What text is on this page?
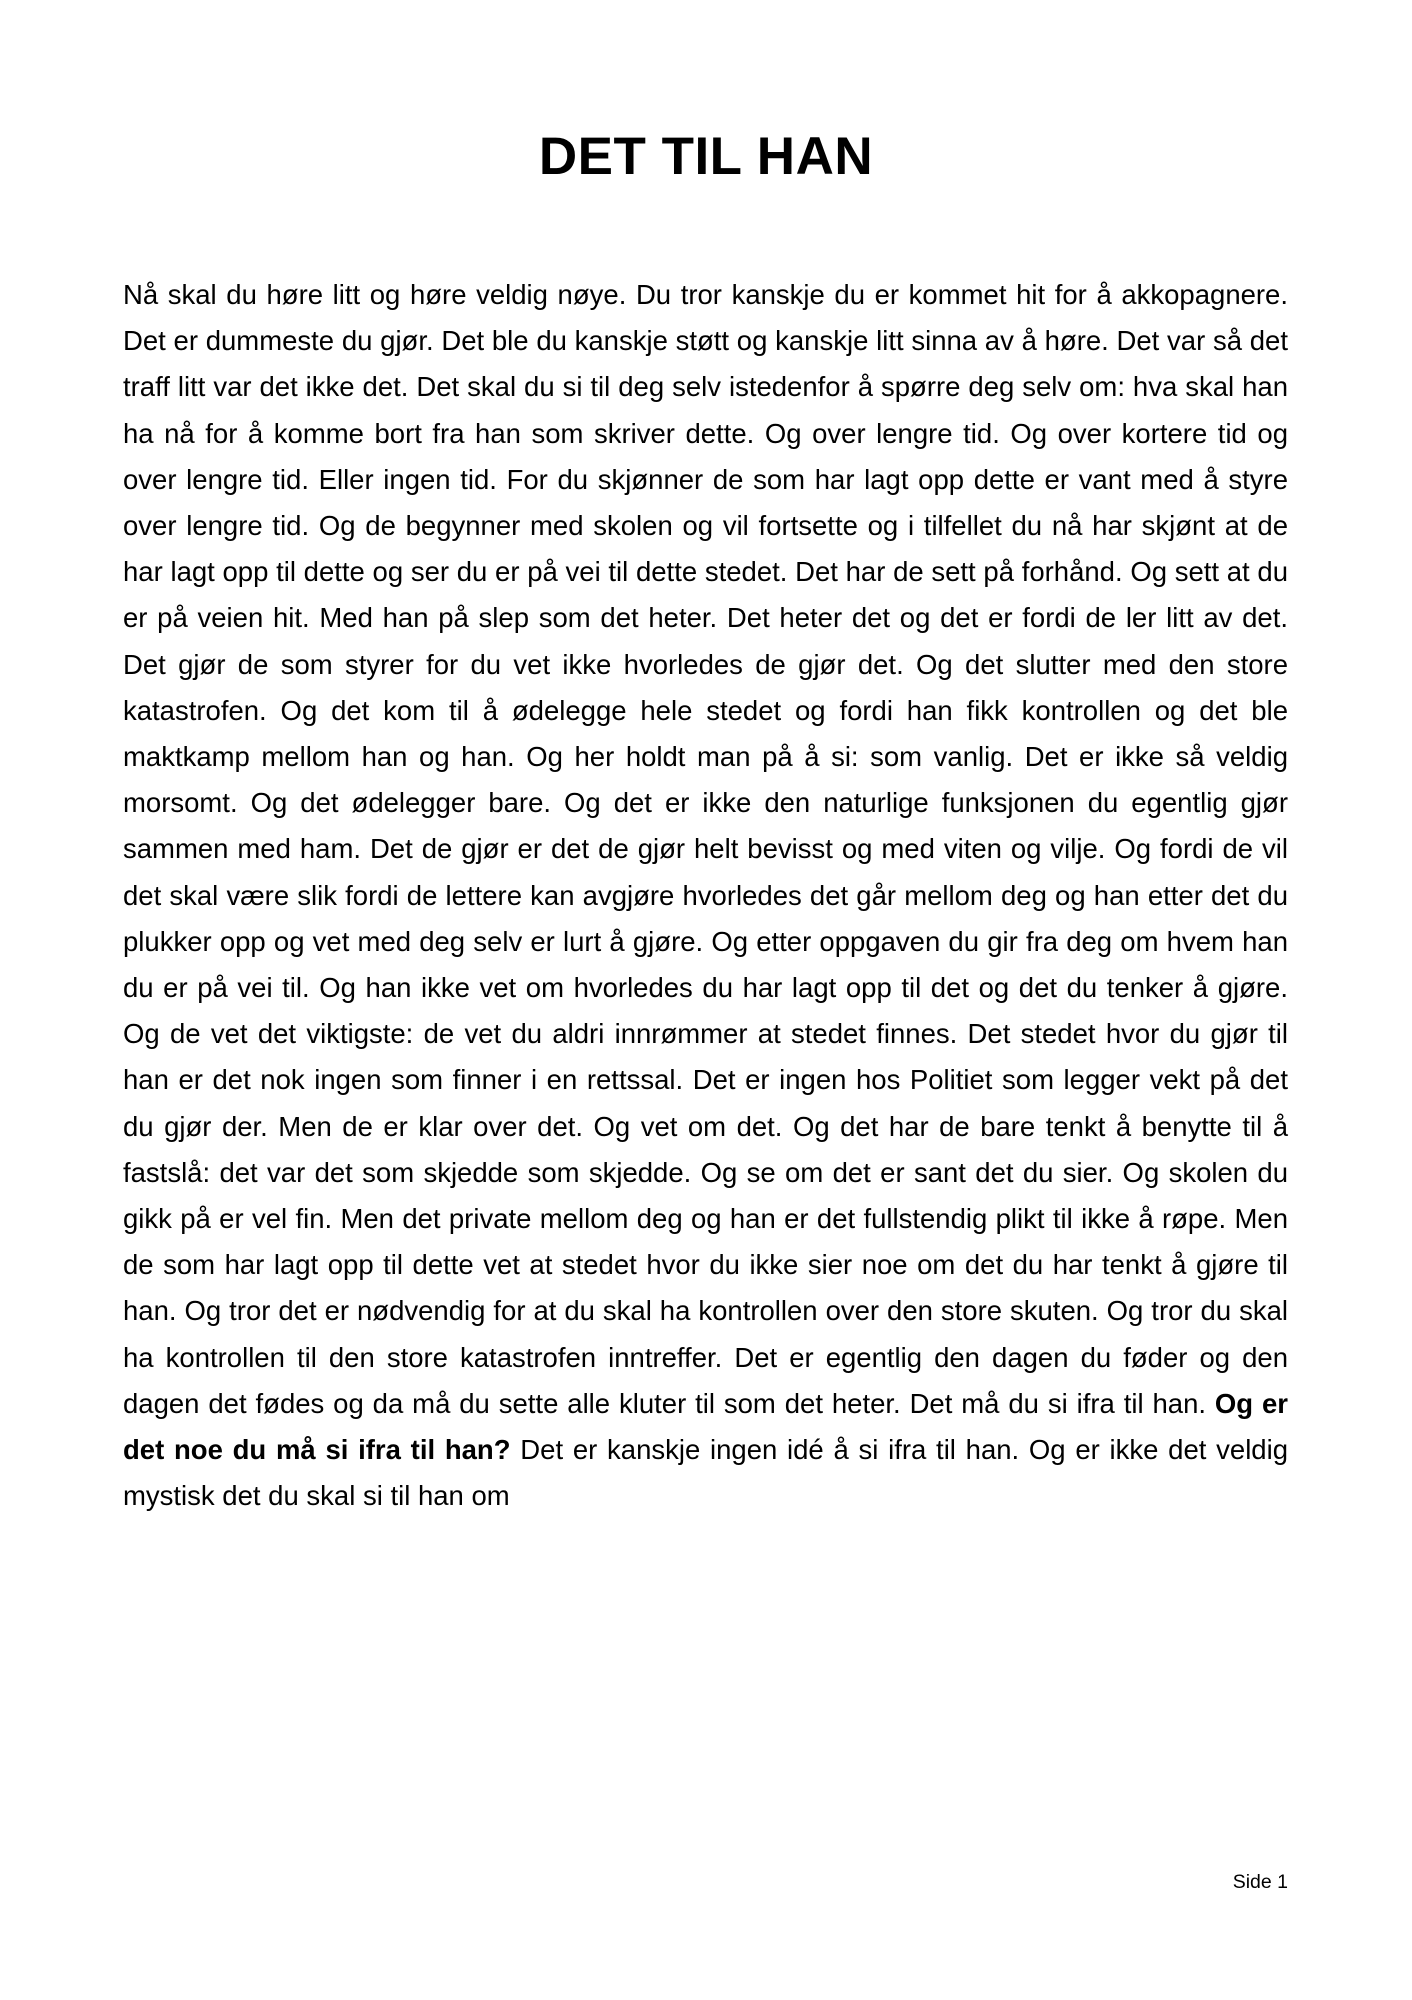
DET TIL HAN

Nå skal du høre litt og høre veldig nøye. Du tror kanskje du er kommet hit for å akkopagnere. Det er dummeste du gjør. Det ble du kanskje støtt og kanskje litt sinna av å høre. Det var så det traff litt var det ikke det. Det skal du si til deg selv istedenfor å spørre deg selv om: hva skal han ha nå for å komme bort fra han som skriver dette. Og over lengre tid. Og over kortere tid og over lengre tid. Eller ingen tid. For du skjønner de som har lagt opp dette er vant med å styre over lengre tid. Og de begynner med skolen og vil fortsette og i tilfellet du nå har skjønt at de har lagt opp til dette og ser du er på vei til dette stedet. Det har de sett på forhånd. Og sett at du er på veien hit. Med han på slep som det heter. Det heter det og det er fordi de ler litt av det. Det gjør de som styrer for du vet ikke hvorledes de gjør det. Og det slutter med den store katastrofen. Og det kom til å ødelegge hele stedet og fordi han fikk kontrollen og det ble maktkamp mellom han og han. Og her holdt man på å si: som vanlig. Det er ikke så veldig morsomt. Og det ødelegger bare. Og det er ikke den naturlige funksjonen du egentlig gjør sammen med ham. Det de gjør er det de gjør helt bevisst og med viten og vilje. Og fordi de vil det skal være slik fordi de lettere kan avgjøre hvorledes det går mellom deg og han etter det du plukker opp og vet med deg selv er lurt å gjøre. Og etter oppgaven du gir fra deg om hvem han du er på vei til. Og han ikke vet om hvorledes du har lagt opp til det og det du tenker å gjøre. Og de vet det viktigste: de vet du aldri innrømmer at stedet finnes. Det stedet hvor du gjør til han er det nok ingen som finner i en rettssal. Det er ingen hos Politiet som legger vekt på det du gjør der. Men de er klar over det. Og vet om det. Og det har de bare tenkt å benytte til å fastslå: det var det som skjedde som skjedde. Og se om det er sant det du sier. Og skolen du gikk på er vel fin. Men det private mellom deg og han er det fullstendig plikt til ikke å røpe. Men de som har lagt opp til dette vet at stedet hvor du ikke sier noe om det du har tenkt å gjøre til han. Og tror det er nødvendig for at du skal ha kontrollen over den store skuten. Og tror du skal ha kontrollen til den store katastrofen inntreffer. Det er egentlig den dagen du føder og den dagen det fødes og da må du sette alle kluter til som det heter. Det må du si ifra til han. Og er det noe du må si ifra til han? Det er kanskje ingen idé å si ifra til han. Og er ikke det veldig mystisk det du skal si til han om

Side 1
